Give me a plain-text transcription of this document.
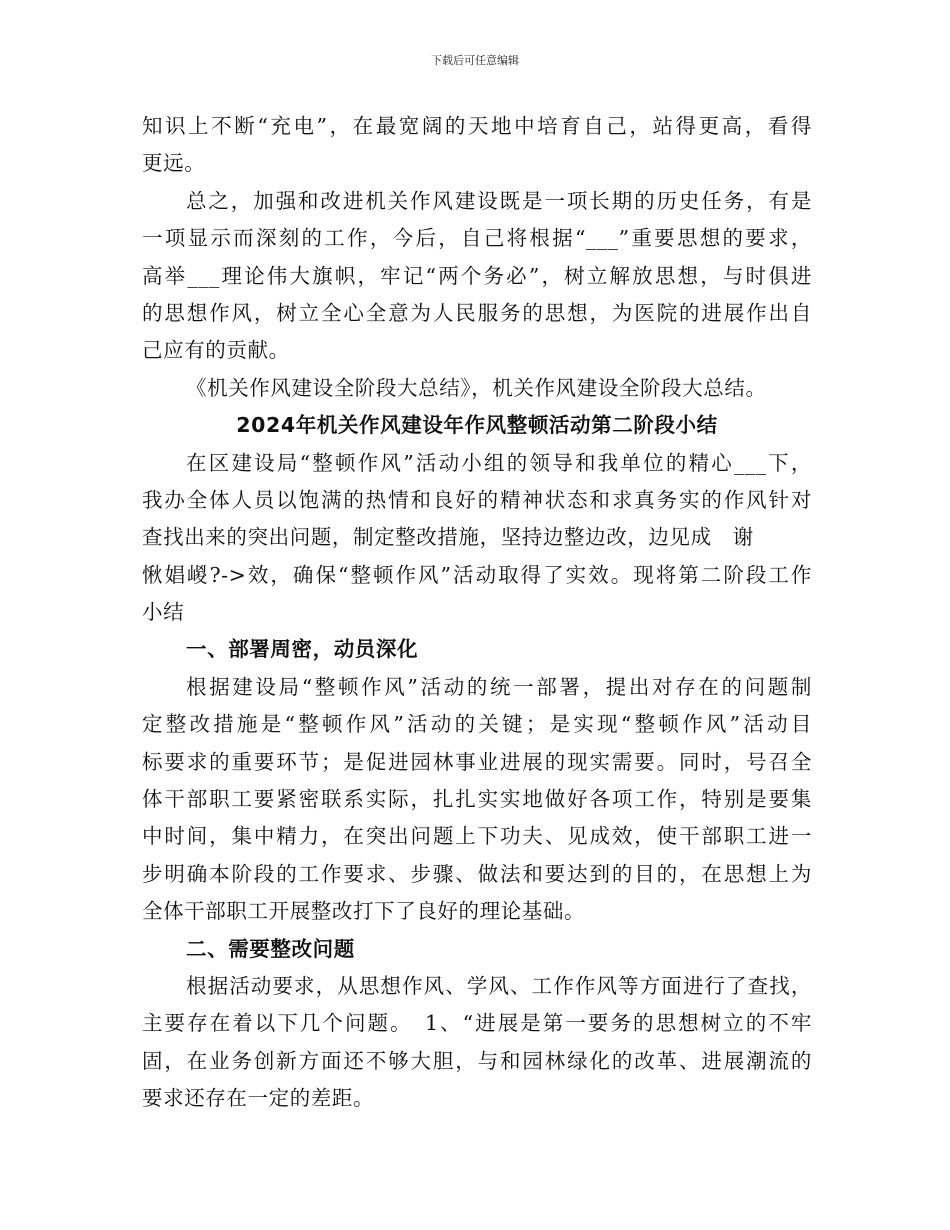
下载后可任意编辑
知识上不断“充电”，在最宽阔的天地中培育自己，站得更高，看得
更远。
总之，加强和改进机关作风建设既是一项长期的历史任务，有是
一项显示而深刻的工作，今后，自己将根据“___”重要思想的要求，
高举___理论伟大旗帜，牢记“两个务必”，树立解放思想，与时俱进
的思想作风，树立全心全意为人民服务的思想，为医院的进展作出自
己应有的贡献。
《机关作风建设全阶段大总结》，机关作风建设全阶段大总结。
2024年机关作风建设年作风整顿活动第二阶段小结
在区建设局“整顿作风”活动小组的领导和我单位的精心___下，
我办全体人员以饱满的热情和良好的精神状态和求真务实的作风针对
查找出来的突出问题，制定整改措施，坚持边整边改，边见成　谢
愀娼嵕?->效，确保“整顿作风”活动取得了实效。现将第二阶段工作
小结
一、部署周密，动员深化
根据建设局“整顿作风”活动的统一部署，提出对存在的问题制
定整改措施是“整顿作风”活动的关键；是实现“整顿作风”活动目
标要求的重要环节；是促进园林事业进展的现实需要。同时，号召全
体干部职工要紧密联系实际，扎扎实实地做好各项工作，特别是要集
中时间，集中精力，在突出问题上下功夫、见成效，使干部职工进一
步明确本阶段的工作要求、步骤、做法和要达到的目的，在思想上为
全体干部职工开展整改打下了良好的理论基础。
二、需要整改问题
根据活动要求，从思想作风、学风、工作作风等方面进行了查找，
主要存在着以下几个问题。　1、“进展是第一要务的思想树立的不牢
固，在业务创新方面还不够大胆，与和园林绿化的改革、进展潮流的
要求还存在一定的差距。
